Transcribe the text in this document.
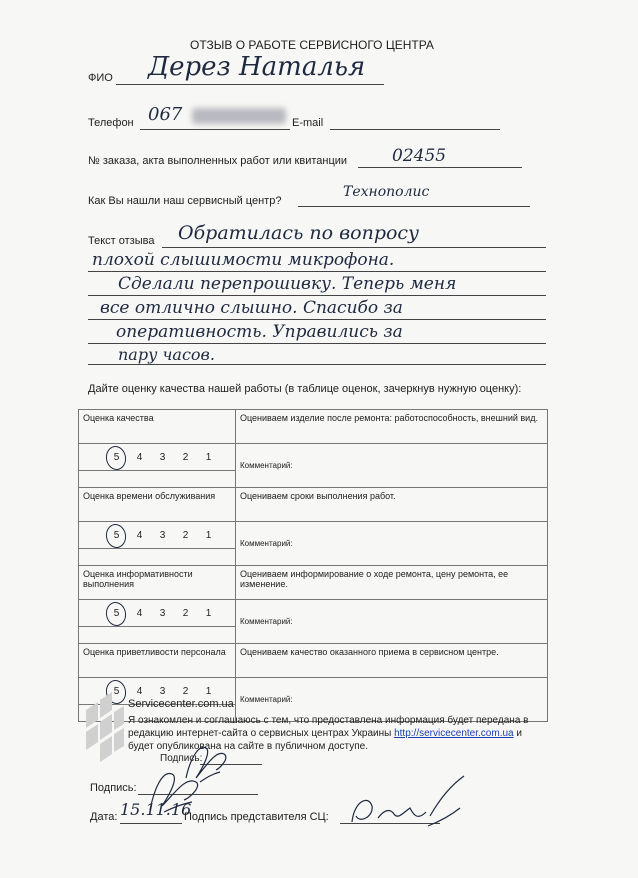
ОТЗЫВ О РАБОТЕ СЕРВИСНОГО ЦЕНТРА
ФИО Дерез Наталья
Телефон 067	E-mail
№ заказа, акта выполненных работ или квитанции	02455
Как Вы нашли наш сервисный центр?
Технополис
Текст отзыва Обратилась по вопросу
плохой слышимости микрофона.
Сделали перепрошивку. Теперь меня
все отлично слышно. Спасибо за
оперативность. Управились за
пару часов.
Дайте оценку качества нашей работы (в таблице оценок, зачеркнув нужную оценку):
Оценка качества	Оцениваем изделие после ремонта: работоспособность, внешний вид.

5 4 3 2 1	Комментарий:

Оценка времени обслуживания	Оцениваем сроки выполнения работ.

5 4 3 2 1	Комментарий:

Оценка информативности выполнения	Оцениваем информирование о ходе ремонта, цену ремонта, ее изменение.

5 4 3 2 1	Комментарий:

Оценка приветливости персонала	Оцениваем качество оказанного приема в сервисном центре.

5 4 3 2 1	Комментарий:

Servicecenter.com.ua
Я ознакомлен и соглашаюсь с тем, что предоставлена информация будет передана в
редакцию интернет-сайта о сервисных центрах Украины http://servicecenter.com.ua и
будет опубликована на сайте в публичном доступе.
Подпись:
Подпись:
Дата: 15.11.16
Подпись представителя СЦ:
